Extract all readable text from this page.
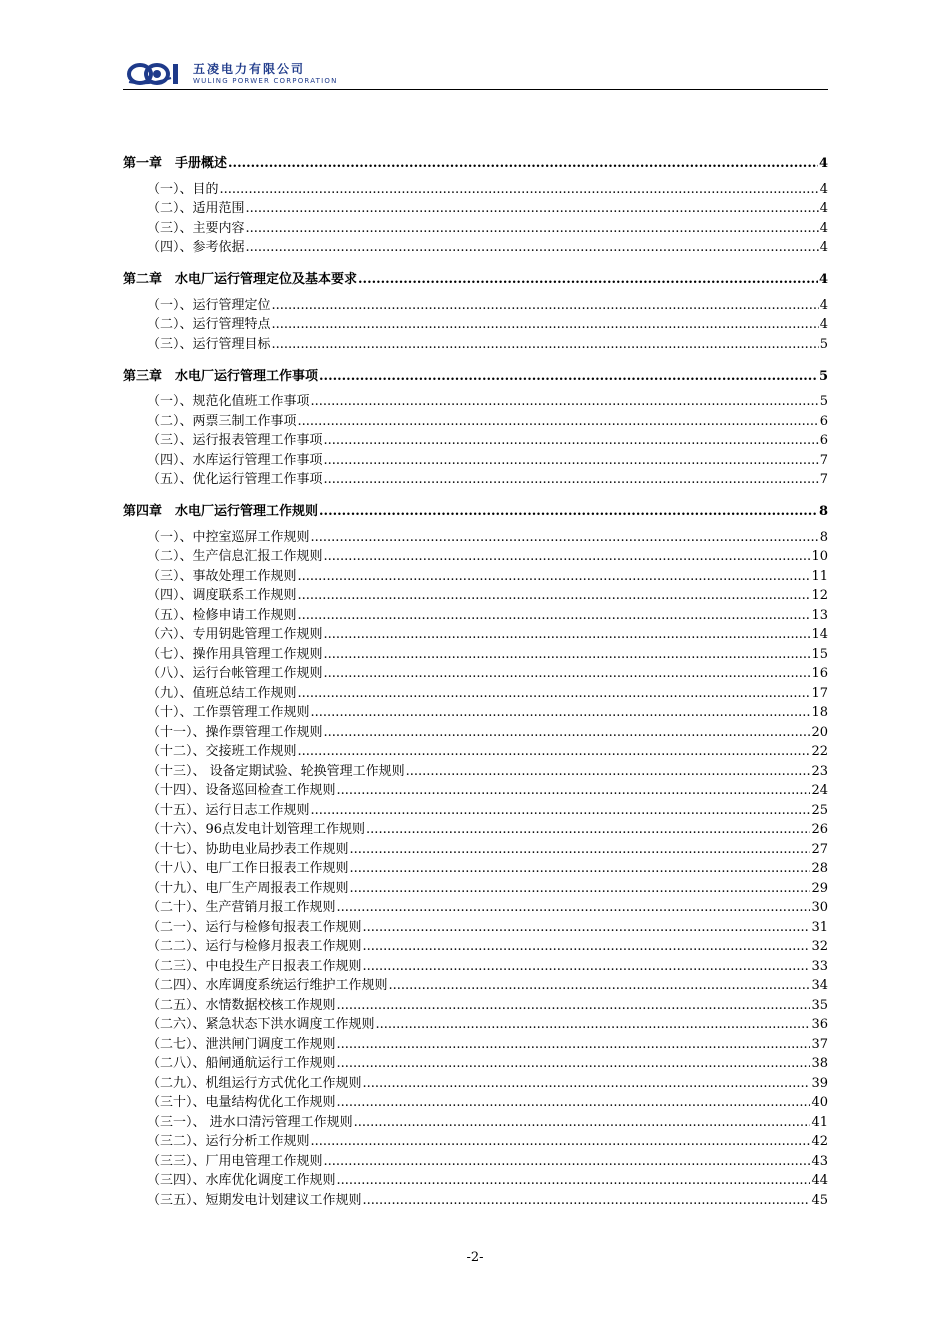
五凌电力有限公司
WULING PORWER CORPORATION
第一章　手册概述 .....	4
（一）、目的 .....	4
（二）、适用范围 .....	4
（三）、主要内容 .....	4
（四）、参考依据 .....	4
第二章　水电厂运行管理定位及基本要求 .....	4
（一）、运行管理定位 .....	4
（二）、运行管理特点 .....	4
（三）、运行管理目标 .....	5
第三章　水电厂运行管理工作事项 .....	5
（一）、规范化值班工作事项 .....	5
（二）、两票三制工作事项 .....	6
（三）、运行报表管理工作事项 .....	6
（四）、水库运行管理工作事项 .....	7
（五）、优化运行管理工作事项 .....	7
第四章　水电厂运行管理工作规则 .....	8
（一）、中控室巡屏工作规则 .....	8
（二）、生产信息汇报工作规则 .....	10
（三）、事故处理工作规则 .....	11
（四）、调度联系工作规则 .....	12
（五）、检修申请工作规则 .....	13
（六）、专用钥匙管理工作规则 .....	14
（七）、操作用具管理工作规则 .....	15
（八）、运行台帐管理工作规则 .....	16
（九）、值班总结工作规则 .....	17
（十）、工作票管理工作规则 .....	18
（十一）、操作票管理工作规则 .....	20
（十二）、交接班工作规则 .....	22
（十三）、 设备定期试验、轮换管理工作规则 .....	23
（十四）、设备巡回检查工作规则 .....	24
（十五）、运行日志工作规则 .....	25
（十六）、96点发电计划管理工作规则 .....	26
（十七）、协助电业局抄表工作规则 .....	27
（十八）、电厂工作日报表工作规则 .....	28
（十九）、电厂生产周报表工作规则 .....	29
（二十）、生产营销月报工作规则 .....	30
（二一）、运行与检修旬报表工作规则 .....	31
（二二）、运行与检修月报表工作规则 .....	32
（二三）、中电投生产日报表工作规则 .....	33
（二四）、水库调度系统运行维护工作规则 .....	34
（二五）、水情数据校核工作规则 .....	35
（二六）、紧急状态下洪水调度工作规则 .....	36
（二七）、泄洪闸门调度工作规则 .....	37
（二八）、船闸通航运行工作规则 .....	38
（二九）、机组运行方式优化工作规则 .....	39
（三十）、电量结构优化工作规则 .....	40
（三一）、 进水口清污管理工作规则 .....	41
（三二）、运行分析工作规则 .....	42
（三三）、厂用电管理工作规则 .....	43
（三四）、水库优化调度工作规则 .....	44
（三五）、短期发电计划建议工作规则 .....	45
-2-
